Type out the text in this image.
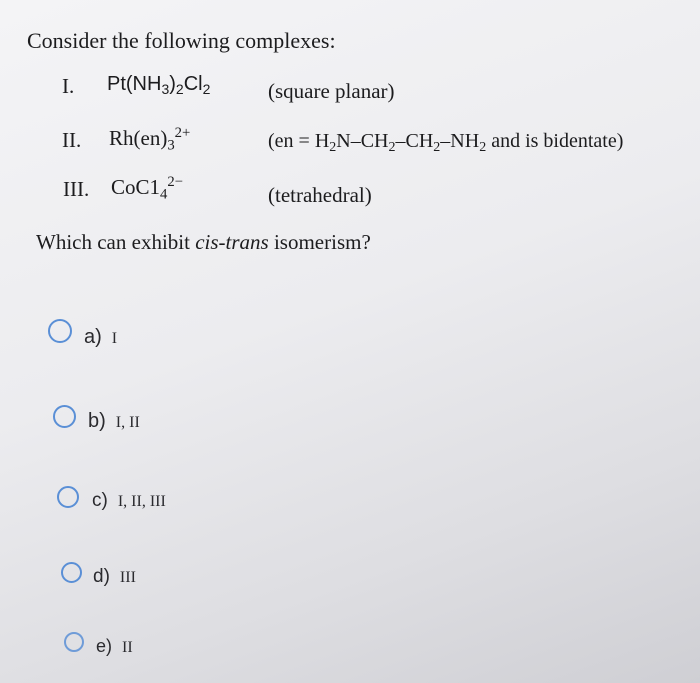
Consider the following complexes:
I. $Pt(NH_3)_2Cl_2$	(square planar)
II. $Rh(en)_3^{2+}$	($en = H_2N-CH_2-CH_2-NH_2$ and is bidentate)
III. $CoC1_4^{2-}$
(tetrahedral)
Which can exhibit cis-trans isomerism?
a) I
b) I, II
c) I, II, III
d) III
e) II
